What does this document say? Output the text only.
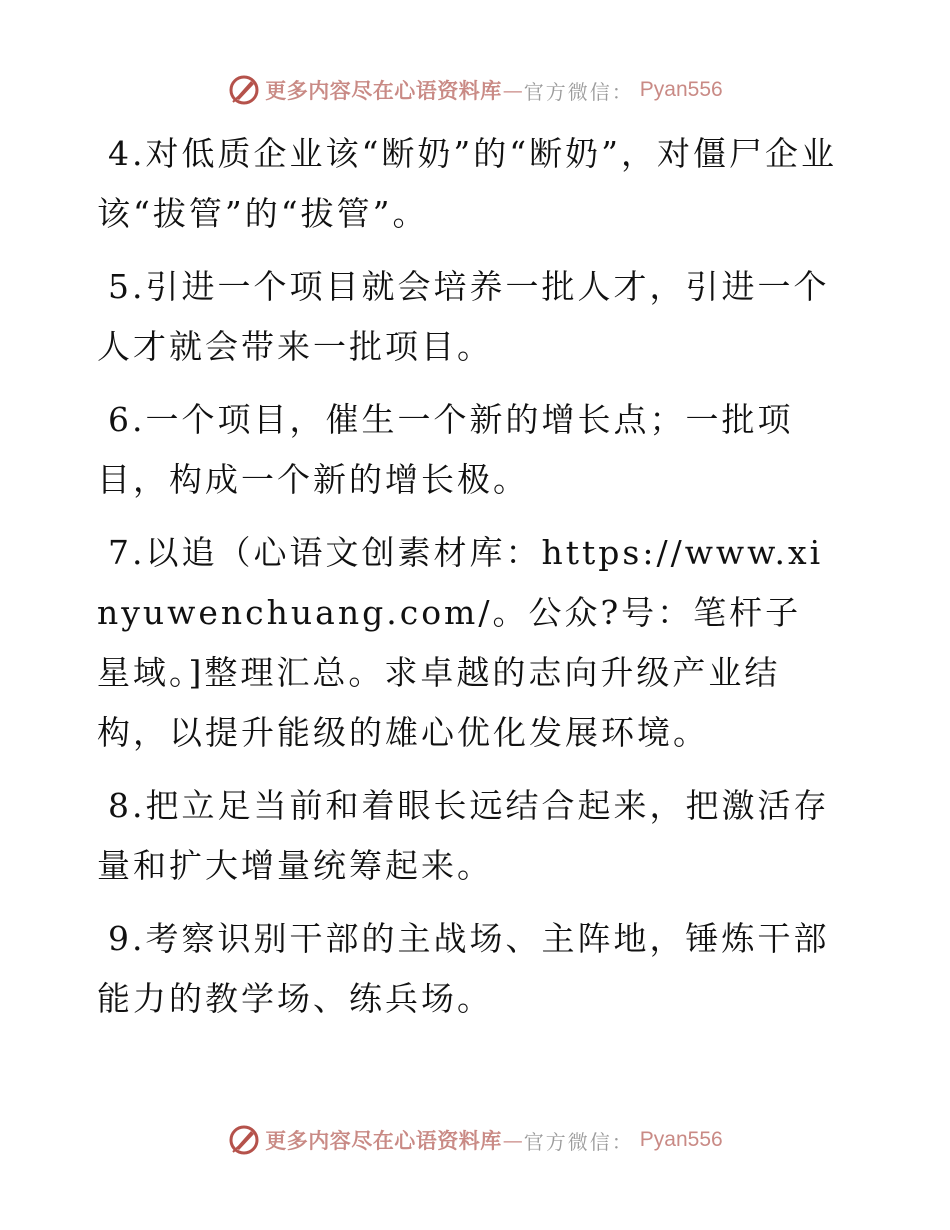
更多内容尽在心语资料库 — 官方微信： Pyan556

4.对低质企业该“断奶”的“断奶”，对僵尸企业该“拔管”的“拔管”。

5.引进一个项目就会培养一批人才，引进一个人才就会带来一批项目。

6.一个项目，催生一个新的增长点；一批项目，构成一个新的增长极。

7.以追（心语文创素材库：https://www.xinyuwenchuang.com/。公众?号：笔杆子星域。]整理汇总。求卓越的志向升级产业结构，以提升能级的雄心优化发展环境。

8.把立足当前和着眼长远结合起来，把激活存量和扩大增量统筹起来。

9.考察识别干部的主战场、主阵地，锤炼干部能力的教学场、练兵场。

更多内容尽在心语资料库 — 官方微信： Pyan556
